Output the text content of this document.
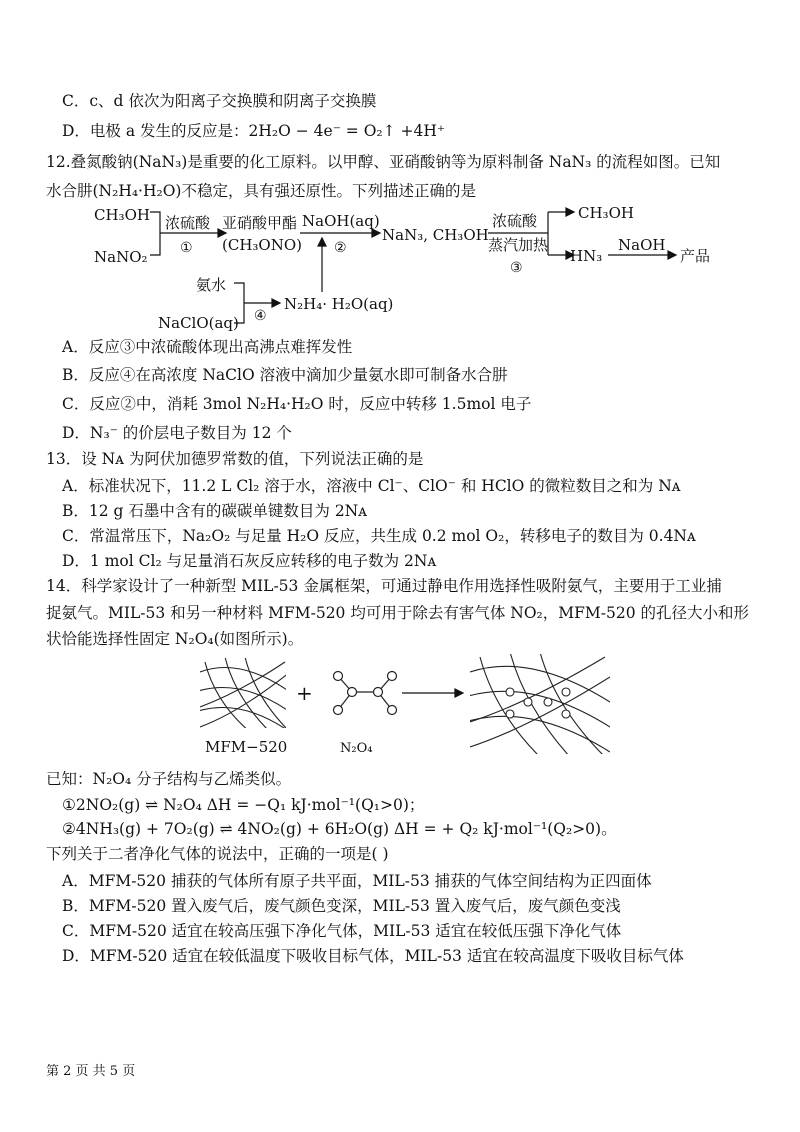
C．c、d 依次为阳离子交换膜和阴离子交换膜
D．电极 a 发生的反应是：2H₂O − 4e⁻ = O₂↑ +4H⁺
12.叠氮酸钠(NaN₃)是重要的化工原料。以甲醇、亚硝酸钠等为原料制备 NaN₃ 的流程如图。已知
水合肼(N₂H₄·H₂O)不稳定，具有强还原性。下列描述正确的是
CH₃OH
NaNO₂
浓硫酸
①
亚硝酸甲酯
(CH₃ONO)
NaOH(aq)
②
NaN₃, CH₃OH
浓硫酸
蒸汽加热
③
CH₃OH
HN₃
NaOH
产品
氨水
NaClO(aq) ④
N₂H₄· H₂O(aq)
A．反应③中浓硫酸体现出高沸点难挥发性
B．反应④在高浓度 NaClO 溶液中滴加少量氨水即可制备水合肼
C．反应②中，消耗 3mol N₂H₄·H₂O 时，反应中转移 1.5mol 电子
D．N₃⁻ 的价层电子数目为 12 个
13．设 Nᴀ 为阿伏加德罗常数的值，下列说法正确的是
A．标准状况下，11.2 L Cl₂ 溶于水，溶液中 Cl⁻、ClO⁻ 和 HClO 的微粒数目之和为 Nᴀ
B．12 g 石墨中含有的碳碳单键数目为 2Nᴀ
C．常温常压下，Na₂O₂ 与足量 H₂O 反应，共生成 0.2 mol O₂，转移电子的数目为 0.4Nᴀ
D．1 mol Cl₂ 与足量消石灰反应转移的电子数为 2Nᴀ
14．科学家设计了一种新型 MIL-53 金属框架，可通过静电作用选择性吸附氨气，主要用于工业捕
捉氨气。MIL-53 和另一种材料 MFM-520 均可用于除去有害气体 NO₂，MFM-520 的孔径大小和形
状恰能选择性固定 N₂O₄(如图所示)。
+
MFM−520	N₂O₄
已知：N₂O₄ 分子结构与乙烯类似。
①2NO₂(g) ⇌ N₂O₄ ΔH = −Q₁ kJ·mol⁻¹(Q₁>0)；
②4NH₃(g) + 7O₂(g) ⇌ 4NO₂(g) + 6H₂O(g) ΔH = + Q₂ kJ·mol⁻¹(Q₂>0)。
下列关于二者净化气体的说法中，正确的一项是( )
A．MFM-520 捕获的气体所有原子共平面，MIL-53 捕获的气体空间结构为正四面体
B．MFM-520 置入废气后，废气颜色变深，MIL-53 置入废气后，废气颜色变浅
C．MFM-520 适宜在较高压强下净化气体，MIL-53 适宜在较低压强下净化气体
D．MFM-520 适宜在较低温度下吸收目标气体，MIL-53 适宜在较高温度下吸收目标气体
第 2 页 共 5 页
